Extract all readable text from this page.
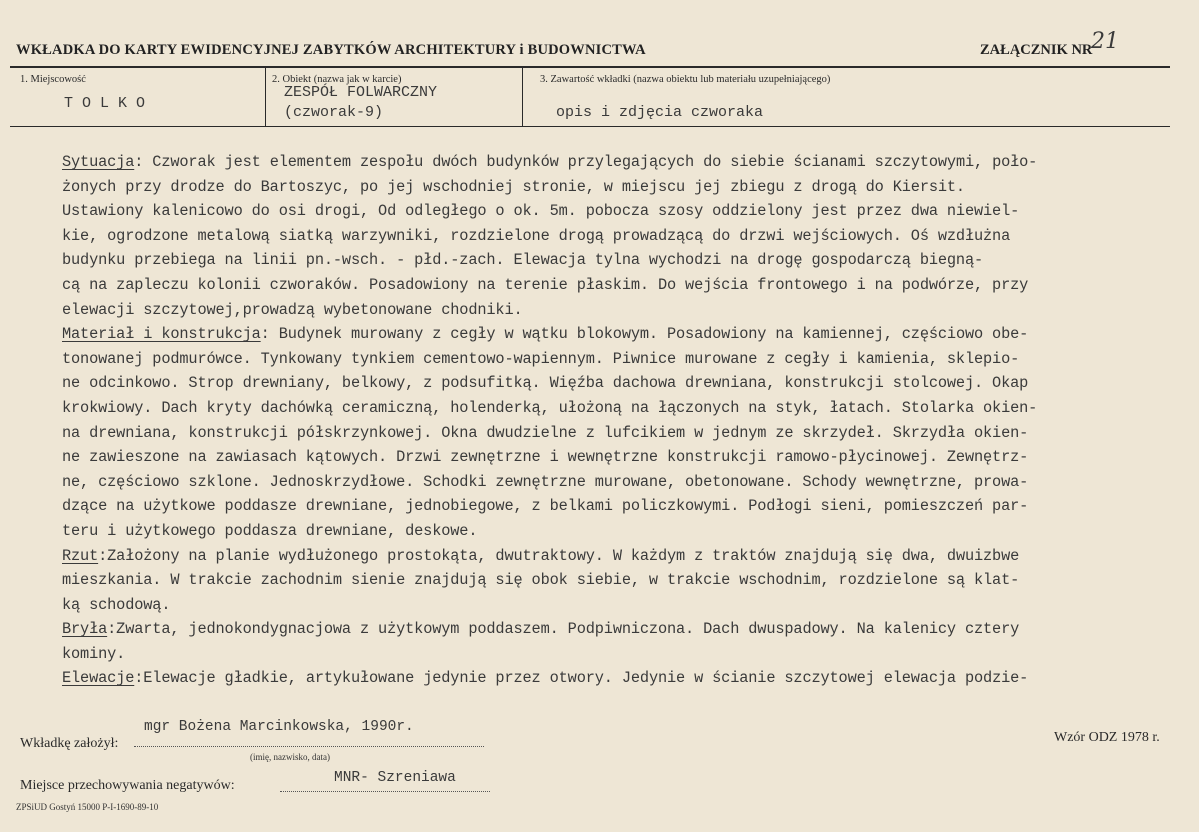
WKŁADKA DO KARTY EWIDENCYJNEJ ZABYTKÓW ARCHITEKTURY i BUDOWNICTWA	ZAŁĄCZNIK NR
21
1. Miejscowość
T O L K O
2. Obiekt (nazwa jak w karcie)
ZESPÓŁ FOLWARCZNY
(czworak-9)
3. Zawartość wkładki (nazwa obiektu lub materiału uzupełniającego)
opis i zdjęcia czworaka
Sytuacja: Czworak jest elementem zespołu dwóch budynków przylegających do siebie ścianami szczytowymi, poło-
żonych przy drodze do Bartoszyc, po jej wschodniej stronie, w miejscu jej zbiegu z drogą do Kiersit.
Ustawiony kalenicowo do osi drogi, Od odległego o ok. 5m. pobocza szosy oddzielony jest przez dwa niewiel-
kie, ogrodzone metalową siatką warzywniki, rozdzielone drogą prowadzącą do drzwi wejściowych. Oś wzdłużna
budynku przebiega na linii pn.-wsch. - płd.-zach. Elewacja tylna wychodzi na drogę gospodarczą biegną-
cą na zapleczu kolonii czworaków. Posadowiony na terenie płaskim. Do wejścia frontowego i na podwórze, przy
elewacji szczytowej,prowadzą wybetonowane chodniki.
Materiał i konstrukcja: Budynek murowany z cegły w wątku blokowym. Posadowiony na kamiennej, częściowo obe-
tonowanej podmurówce. Tynkowany tynkiem cementowo-wapiennym. Piwnice murowane z cegły i kamienia, sklepio-
ne odcinkowo. Strop drewniany, belkowy, z podsufitką. Więźba dachowa drewniana, konstrukcji stolcowej. Okap
krokwiowy. Dach kryty dachówką ceramiczną, holenderką, ułożoną na łączonych na styk, łatach. Stolarka okien-
na drewniana, konstrukcji półskrzynkowej. Okna dwudzielne z lufcikiem w jednym ze skrzydeł. Skrzydła okien-
ne zawieszone na zawiasach kątowych. Drzwi zewnętrzne i wewnętrzne konstrukcji ramowo-płycinowej. Zewnętrz-
ne, częściowo szklone. Jednoskrzydłowe. Schodki zewnętrzne murowane, obetonowane. Schody wewnętrzne, prowa-
dzące na użytkowe poddasze drewniane, jednobiegowe, z belkami policzkowymi. Podłogi sieni, pomieszczeń par-
teru i użytkowego poddasza drewniane, deskowe.
Rzut:Założony na planie wydłużonego prostokąta, dwutraktowy. W każdym z traktów znajdują się dwa, dwuizbwe
mieszkania. W trakcie zachodnim sienie znajdują się obok siebie, w trakcie wschodnim, rozdzielone są klat-
ką schodową.
Bryła:Zwarta, jednokondygnacjowa z użytkowym poddaszem. Podpiwniczona. Dach dwuspadowy. Na kalenicy cztery
kominy.
Elewacje:Elewacje gładkie, artykułowane jedynie przez otwory. Jedynie w ścianie szczytowej elewacja podzie-
Wkładkę założył:
mgr Bożena Marcinkowska, 1990r.
(imię, nazwisko, data)
Wzór ODZ 1978 r.
Miejsce przechowywania negatywów:	MNR- Szreniawa
ZPSiUD Gostyń 15000 P-I-1690-89-10
